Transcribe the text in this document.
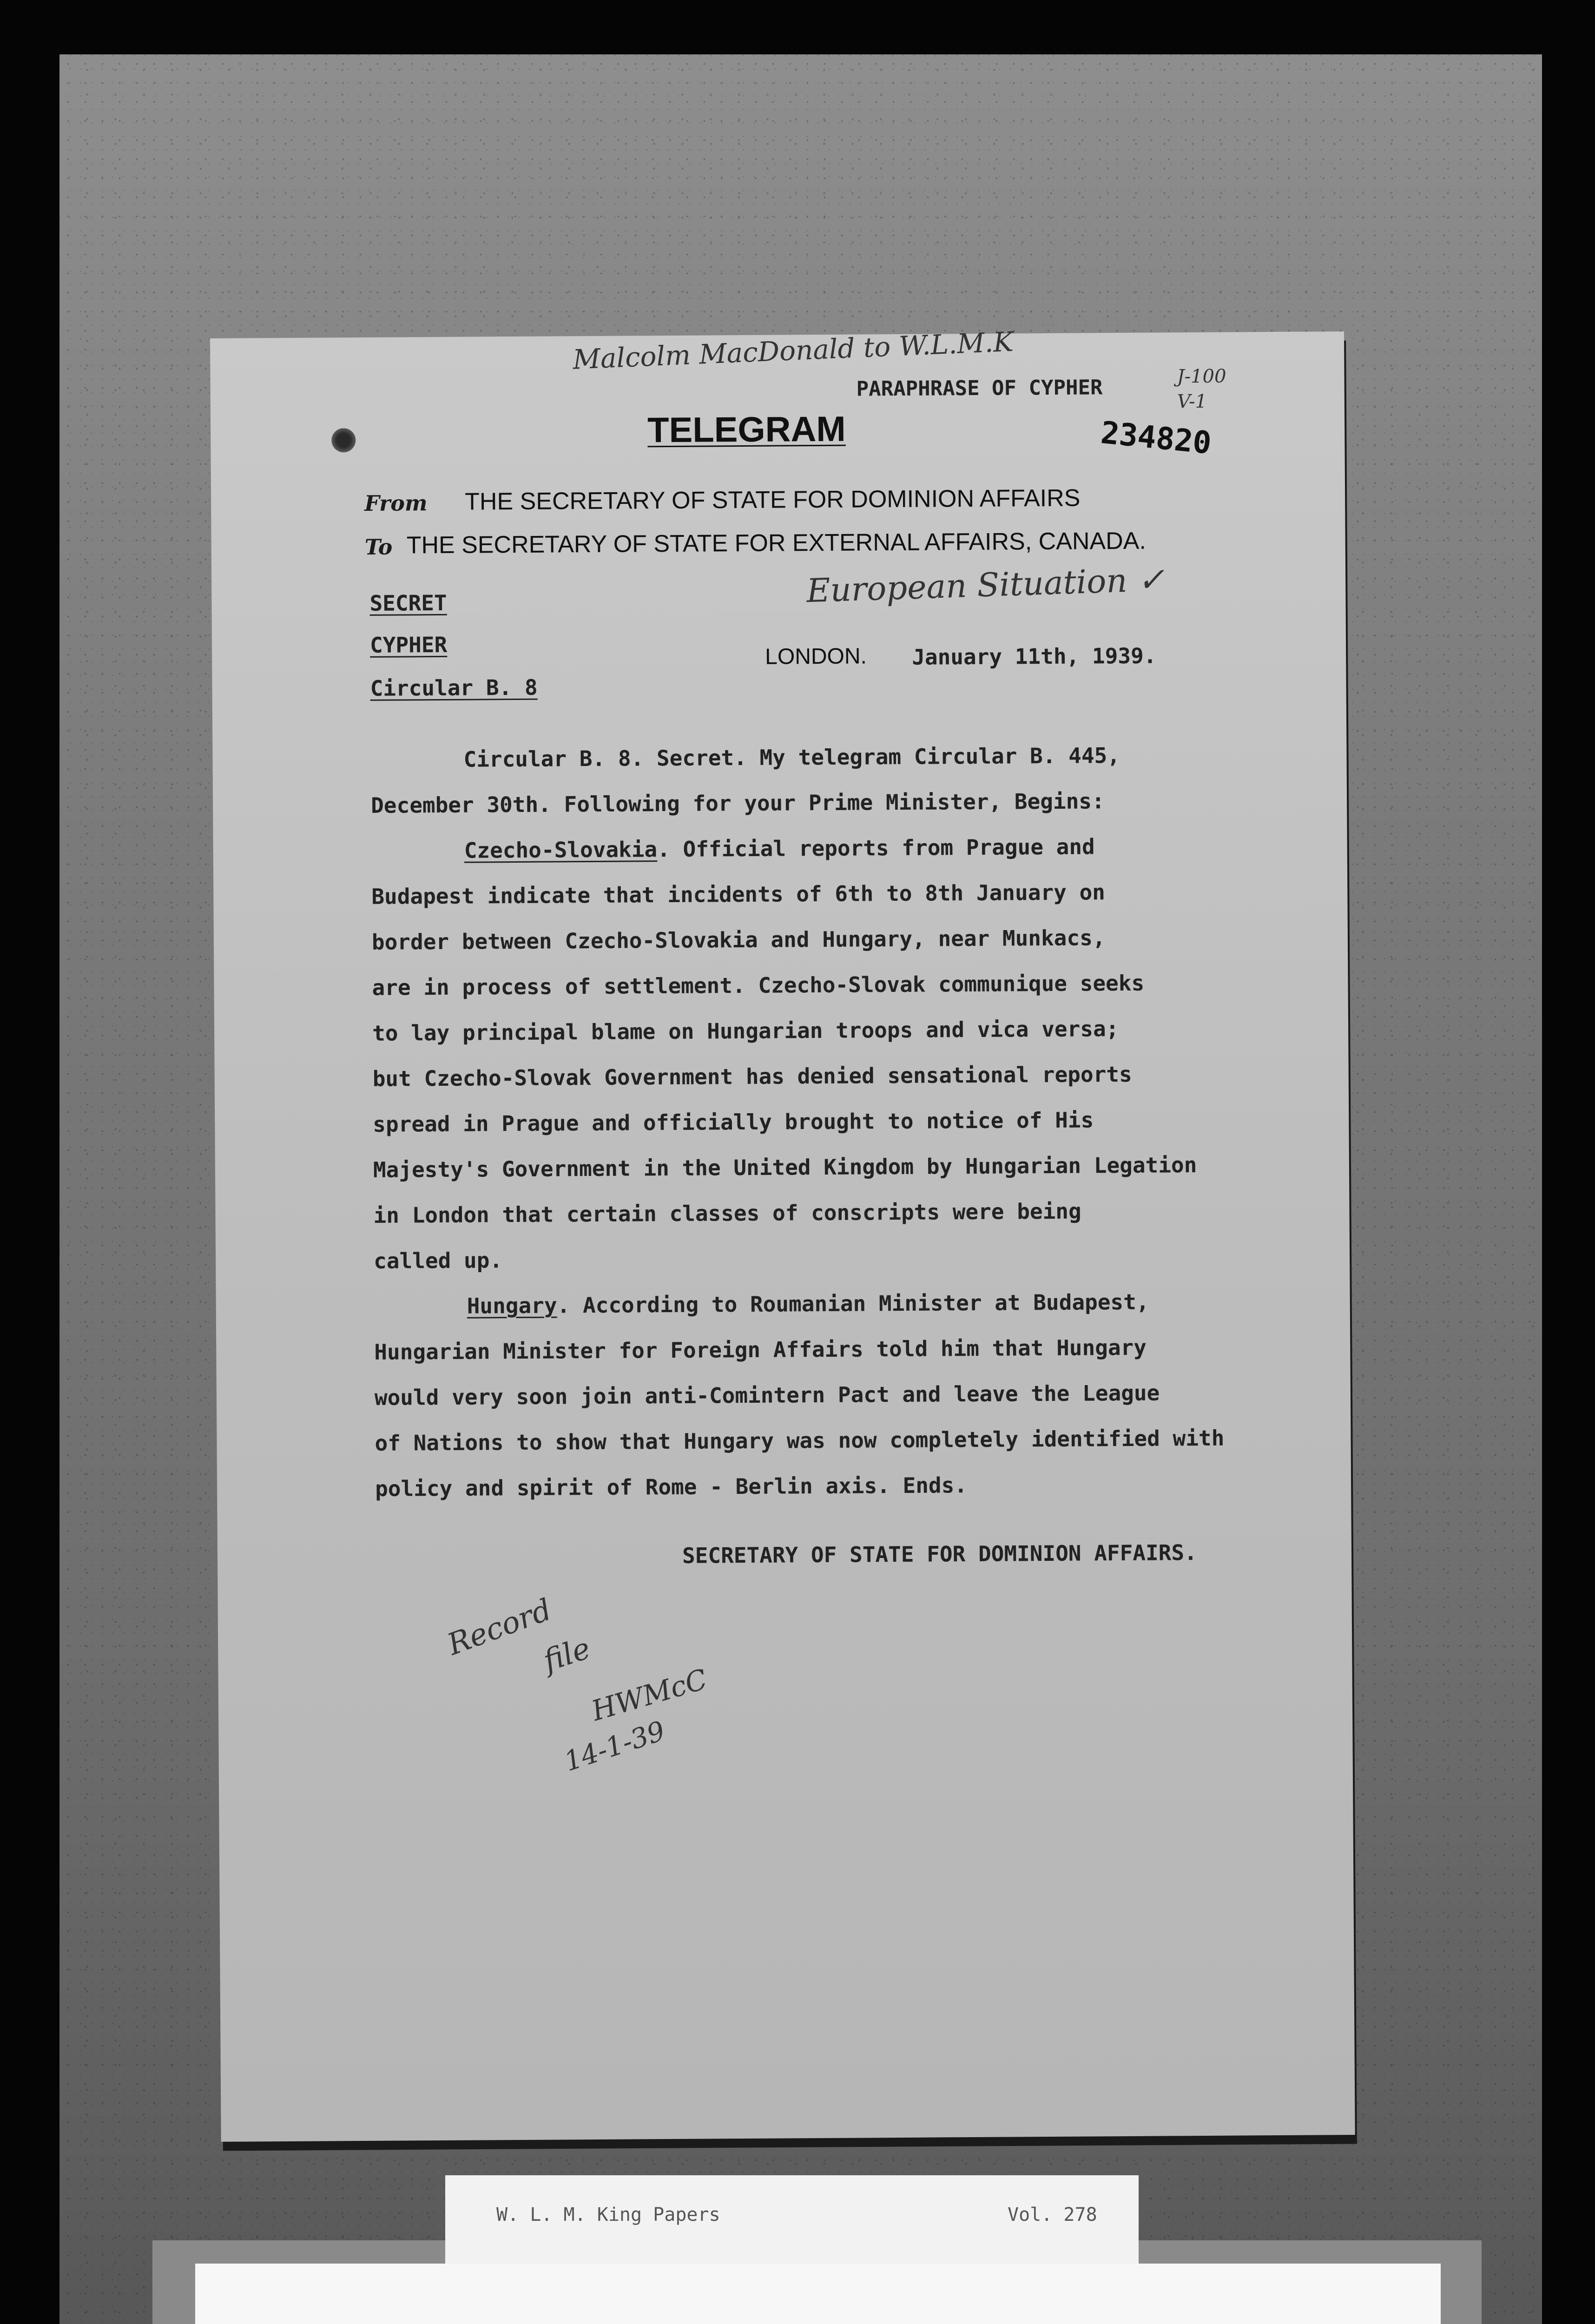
Malcolm MacDonald to W.L.M.K
PARAPHRASE OF CYPHER	J-100
V-1
234820
TELEGRAM
From THE SECRETARY OF STATE FOR DOMINION AFFAIRS
To THE SECRETARY OF STATE FOR EXTERNAL AFFAIRS, CANADA.
European Situation ✓
SECRET
CYPHER
Circular B. 8
LONDON. January 11th, 1939.
Circular B. 8. Secret. My telegram Circular B. 445,
December 30th. Following for your Prime Minister, Begins:
Czecho-Slovakia. Official reports from Prague and
Budapest indicate that incidents of 6th to 8th January on
border between Czecho-Slovakia and Hungary, near Munkacs,
are in process of settlement. Czecho-Slovak communique seeks
to lay principal blame on Hungarian troops and vica versa;
but Czecho-Slovak Government has denied sensational reports
spread in Prague and officially brought to notice of His
Majesty's Government in the United Kingdom by Hungarian Legation
in London that certain classes of conscripts were being
called up.
Hungary. According to Roumanian Minister at Budapest,
Hungarian Minister for Foreign Affairs told him that Hungary
would very soon join anti-Comintern Pact and leave the League
of Nations to show that Hungary was now completely identified with
policy and spirit of Rome - Berlin axis. Ends.
SECRETARY OF STATE FOR DOMINION AFFAIRS.
Record
file
HWMcC
14-1-39
W. L. M. King Papers	Vol. 278
